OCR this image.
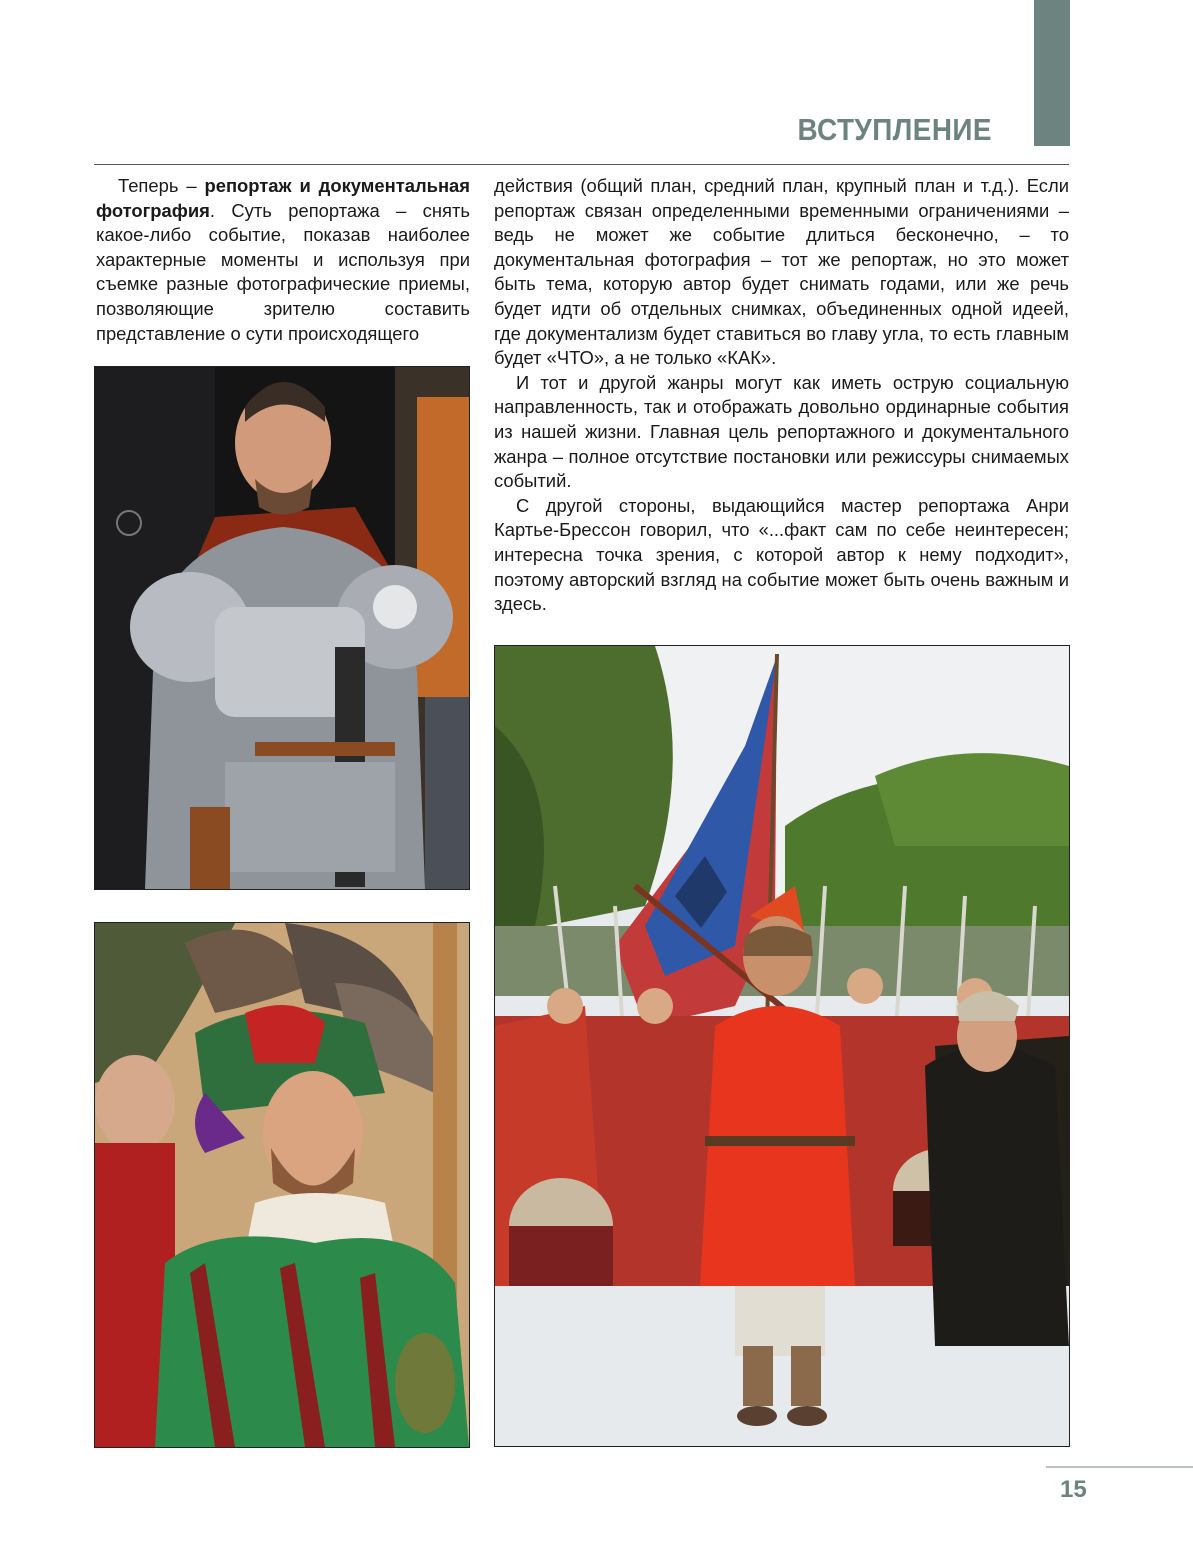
ВСТУПЛЕНИЕ

Теперь – репортаж и документальная фотография. Суть репортажа – снять какое-либо событие, показав наиболее характерные моменты и используя при съемке разные фотографические приемы, позволяющие зрителю составить представление о сути происходящего

действия (общий план, средний план, крупный план и т.д.). Если репортаж связан определенными временными ограничениями – ведь не может же событие длиться бесконечно, – то документальная фотография – тот же репортаж, но это может быть тема, которую автор будет снимать годами, или же речь будет идти об отдельных снимках, объединенных одной идеей, где документализм будет ставиться во главу угла, то есть главным будет «ЧТО», а не только «КАК».

И тот и другой жанры могут как иметь острую социальную направленность, так и отображать довольно ординарные события из нашей жизни. Главная цель репортажного и документального жанра – полное отсутствие постановки или режиссуры снимаемых событий.

С другой стороны, выдающийся мастер репортажа Анри Картье-Брессон говорил, что «...факт сам по себе неинтересен; интересна точка зрения, с которой автор к нему подходит», поэтому авторский взгляд на событие может быть очень важным и здесь.

15
